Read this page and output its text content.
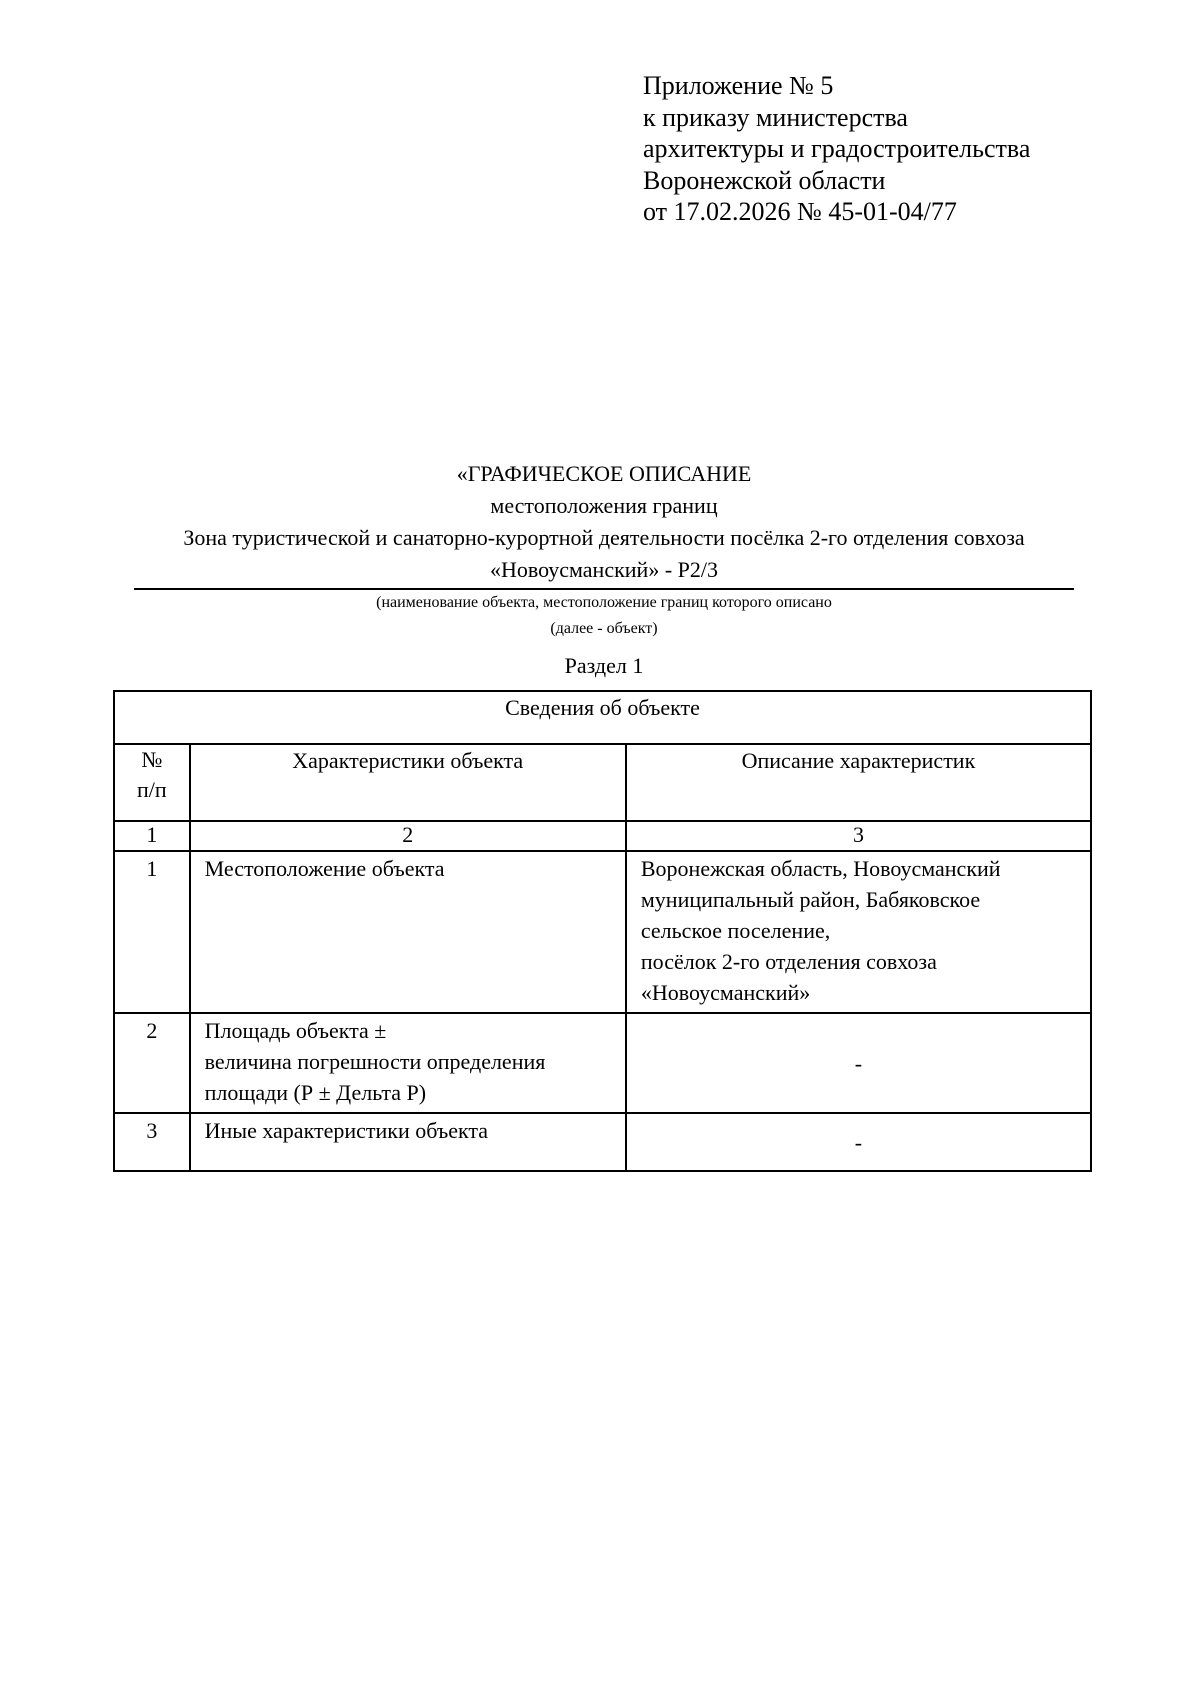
Приложение № 5
к приказу министерства
архитектуры и градостроительства
Воронежской области
от 17.02.2026 № 45-01-04/77
«ГРАФИЧЕСКОЕ ОПИСАНИЕ
местоположения границ
Зона туристической и санаторно-курортной деятельности посёлка 2-го отделения совхоза
«Новоусманский» - Р2/3
(наименование объекта, местоположение границ которого описано
(далее - объект)
Раздел 1
Сведения об объекте		
№
п/п	Характеристики объекта	Описание характеристик
1	2	3

1	Местоположение объекта	Воронежская область, Новоусманский
муниципальный район, Бабяковское
сельское поселение,
посёлок 2-го отделения совхоза
«Новоусманский»

2	Площадь объекта ±
величина погрешности определения
площади (Р ± Дельта Р)	-

3	Иные характеристики объекта	-
